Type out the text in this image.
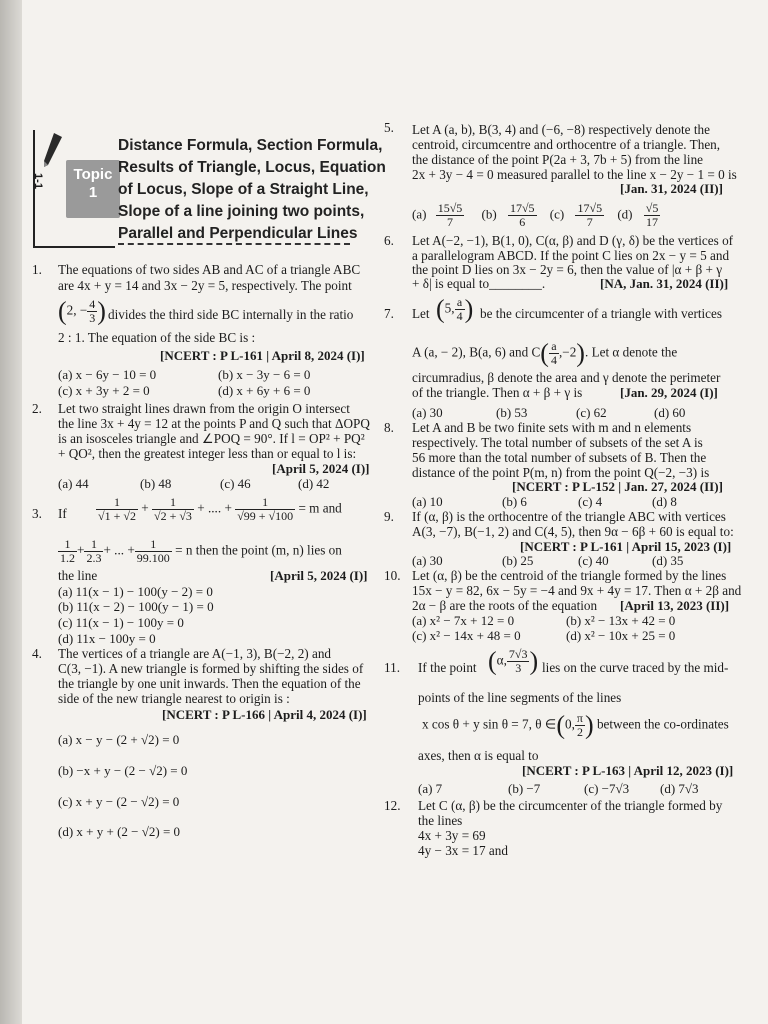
1-1	Topic
1
Distance Formula, Section Formula,
Results of Triangle, Locus, Equation
of Locus, Slope of a Straight Line,
Slope of a line joining two points,
Parallel and Perpendicular Lines
1. The equations of two sides AB and AC of a triangle ABC
are 4x + y = 14 and 3x − 2y = 5, respectively. The point
(2, − $\frac{4}{3}$ ) divides the third side BC internally in the ratio
2 : 1. The equation of the side BC is :
[NCERT : P L-161 | April 8, 2024 (I)]
(a) x − 6y − 10 = 0	(b) x − 3y − 6 = 0
(c) x + 3y + 2 = 0	(d) x + 6y + 6 = 0
2. Let two straight lines drawn from the origin O intersect
the line 3x + 4y = 12 at the points P and Q such that ΔOPQ
is an isosceles triangle and ∠POQ = 90°. If l = OP² + PQ²
+ QO², then the greatest integer less than or equal to l is:
[April 5, 2024 (I)]
(a) 44	(b) 48	(c) 46	(d) 42
3. If $\frac{1}{√1 + √2} + \frac{1}{√2 + √3}$ + .... + $\frac{1}{√99 + √100} = m$ and
$\frac{1}{1.2} + \frac{1}{2.3}$ + ... + $\frac{1}{99.100} = n$ then the point (m, n) lies on
the line	[April 5, 2024 (I)]
(a) 11(x − 1) − 100(y − 2) = 0
(b) 11(x − 2) − 100(y − 1) = 0
(c) 11(x − 1) − 100y = 0
(d) 11x − 100y = 0
4. The vertices of a triangle are A(−1, 3), B(−2, 2) and
C(3, −1). A new triangle is formed by shifting the sides of
the triangle by one unit inwards. Then the equation of the
side of the new triangle nearest to origin is :
[NCERT : P L-166 | April 4, 2024 (I)]
(a) x − y − (2 + √2) = 0
(b) −x + y − (2 − √2) = 0
(c) x + y − (2 − √2) = 0
(d) x + y + (2 − √2) = 0
5. Let A (a, b), B(3, 4) and (−6, −8) respectively denote the
centroid, circumcentre and orthocentre of a triangle. Then,
the distance of the point P(2a + 3, 7b + 5) from the line
2x + 3y − 4 = 0 measured parallel to the line x − 2y − 1 = 0 is
[Jan. 31, 2024 (II)]
$(a) \frac{15√5}{7} (b) \frac{17√5}{6} (c) \frac{17√5}{7} (d) \frac{√5}{17}$
6. Let A(−2, −1), B(1, 0), C(α, β) and D (γ, δ) be the vertices of
a parallelogram ABCD. If the point C lies on 2x − y = 5 and
the point D lies on 3x − 2y = 6, then the value of |α + β + γ
+ δ| is equal to________.	[NA, Jan. 31, 2024 (II)]
7. Let (5, $\frac{a}{4}$ ) be the circumcenter of a triangle with vertices
A (a, − 2), B(a, 6) and $C( \frac{a}{4} ,-2)$. Let α denote the
circumradius, β denote the area and γ denote the perimeter
of the triangle. Then α + β + γ is	[Jan. 29, 2024 (I)]
(a) 30	(b) 53	(c) 62	(d) 60
8. Let A and B be two finite sets with m and n elements
respectively. The total number of subsets of the set A is
56 more than the total number of subsets of B. Then the
distance of the point P(m, n) from the point Q(−2, −3) is
[NCERT : P L-152 | Jan. 27, 2024 (II)]
(a) 10	(b) 6	(c) 4	(d) 8
9. If (α, β) is the orthocentre of the triangle ABC with vertices
A(3, −7), B(−1, 2) and C(4, 5), then 9α − 6β + 60 is equal to:
[NCERT : P L-161 | April 15, 2023 (I)]
(a) 30	(b) 25	(c) 40	(d) 35
10. Let (α, β) be the centroid of the triangle formed by the lines
15x − y = 82, 6x − 5y = −4 and 9x + 4y = 17. Then α + 2β and
2α − β are the roots of the equation [April 13, 2023 (II)]
(a) x² − 7x + 12 = 0	(b) x² − 13x + 42 = 0
(c) x² − 14x + 48 = 0	(d) x² − 10x + 25 = 0
11. If the point (α, $\frac{7√3}{3}$ ) lies on the curve traced by the mid-
points of the line segments of the lines
x cos θ + y sin θ = 7, θ ∈(0, $\frac{\pi}{2}$ ) between the co-ordinates
axes, then α is equal to
[NCERT : P L-163 | April 12, 2023 (I)]
(a) 7	(b) −7	(c) −7√3 (d) 7√3
12. Let C (α, β) be the circumcenter of the triangle formed by
the lines
4x + 3y = 69
4y − 3x = 17 and
